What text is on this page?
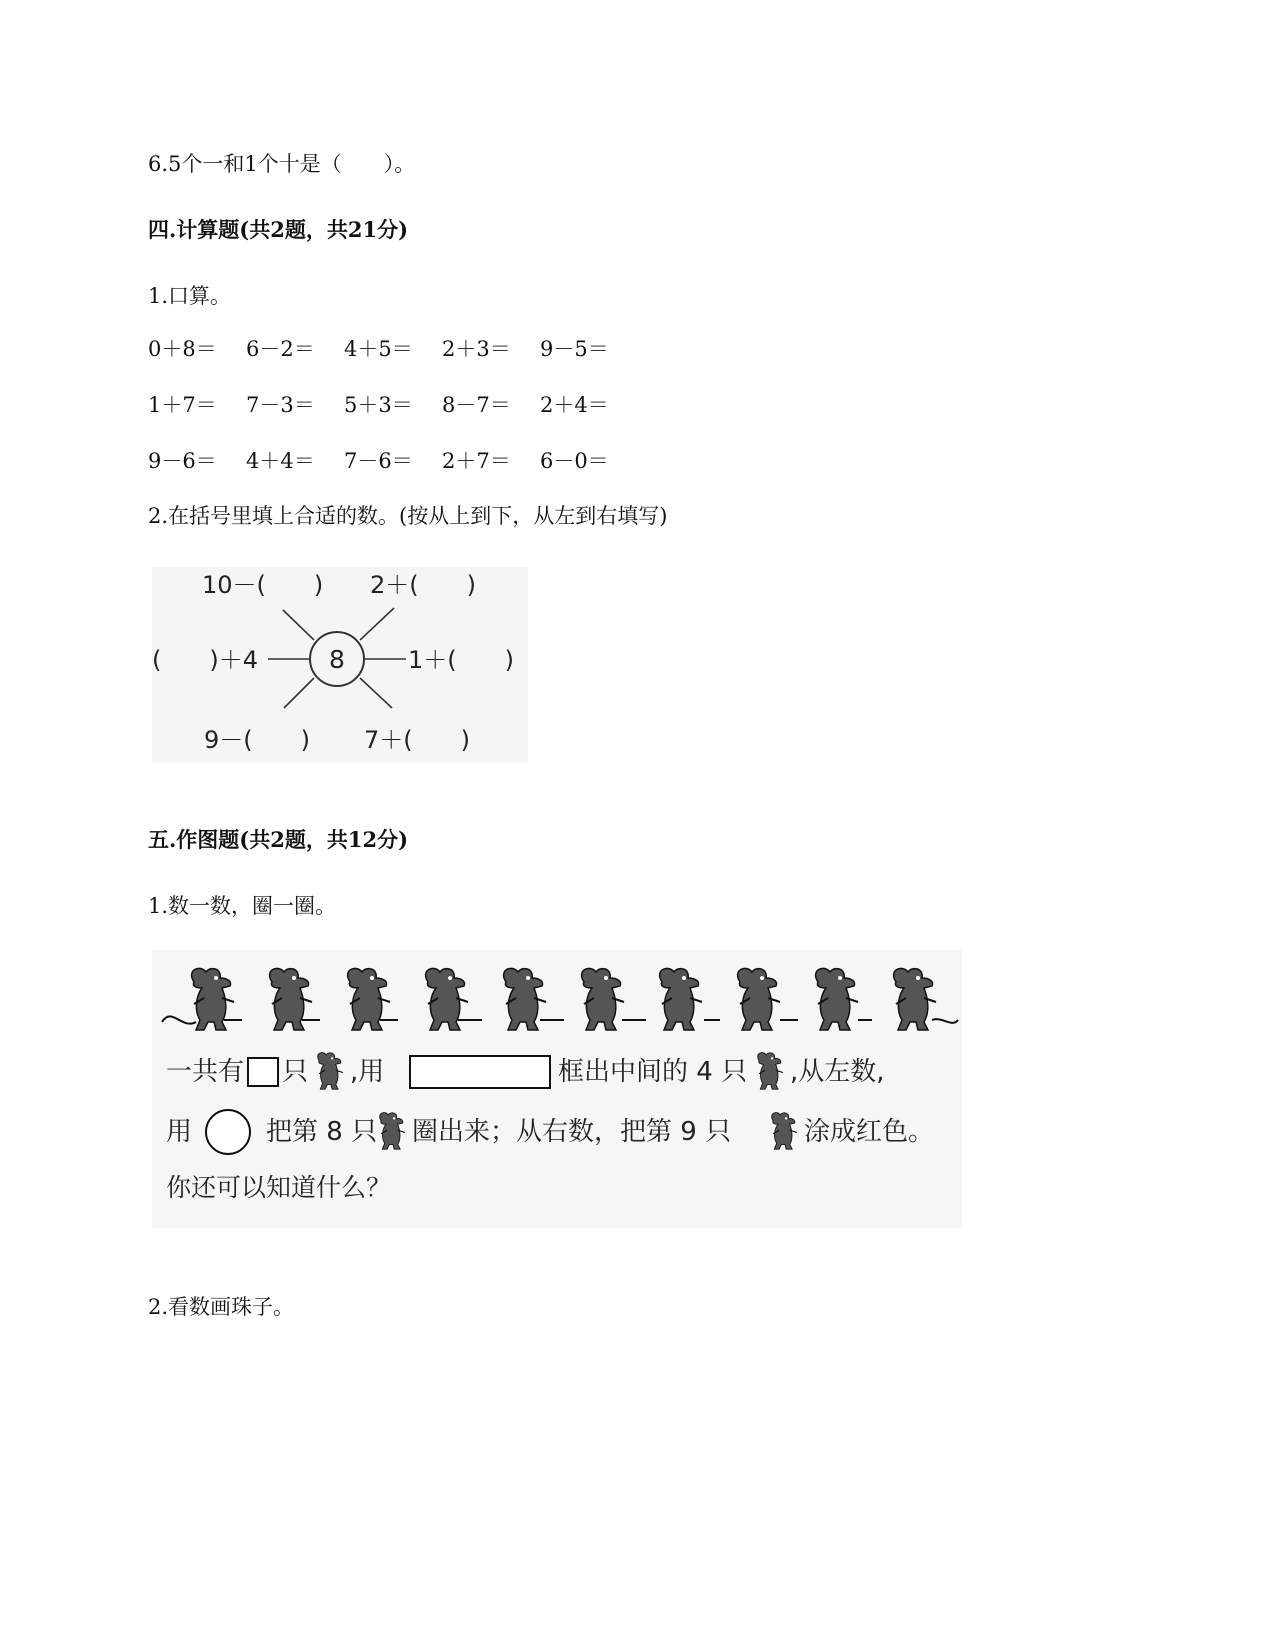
6.5个一和1个十是（　　）。
四.计算题(共2题，共21分)
1.口算。
0＋8＝	6－2＝	4＋5＝	2＋3＝	9－5＝
1＋7＝	7－3＝	5＋3＝	8－7＝	2＋4＝
9－6＝	4＋4＝	7－6＝	2＋7＝	6－0＝
2.在括号里填上合适的数。(按从上到下，从左到右填写)
8
10－(　　) 2＋(　　)
(　　)＋4	1＋(　　)
9－(　　) 7＋(　　)
五.作图题(共2题，共12分)
1.数一数，圈一圈。
一共有 只 ,用	框出中间的 4 只 ,从左数,
用	把第 8 只 圈出来；从右数，把第 9 只	涂成红色。
你还可以知道什么？
2.看数画珠子。
